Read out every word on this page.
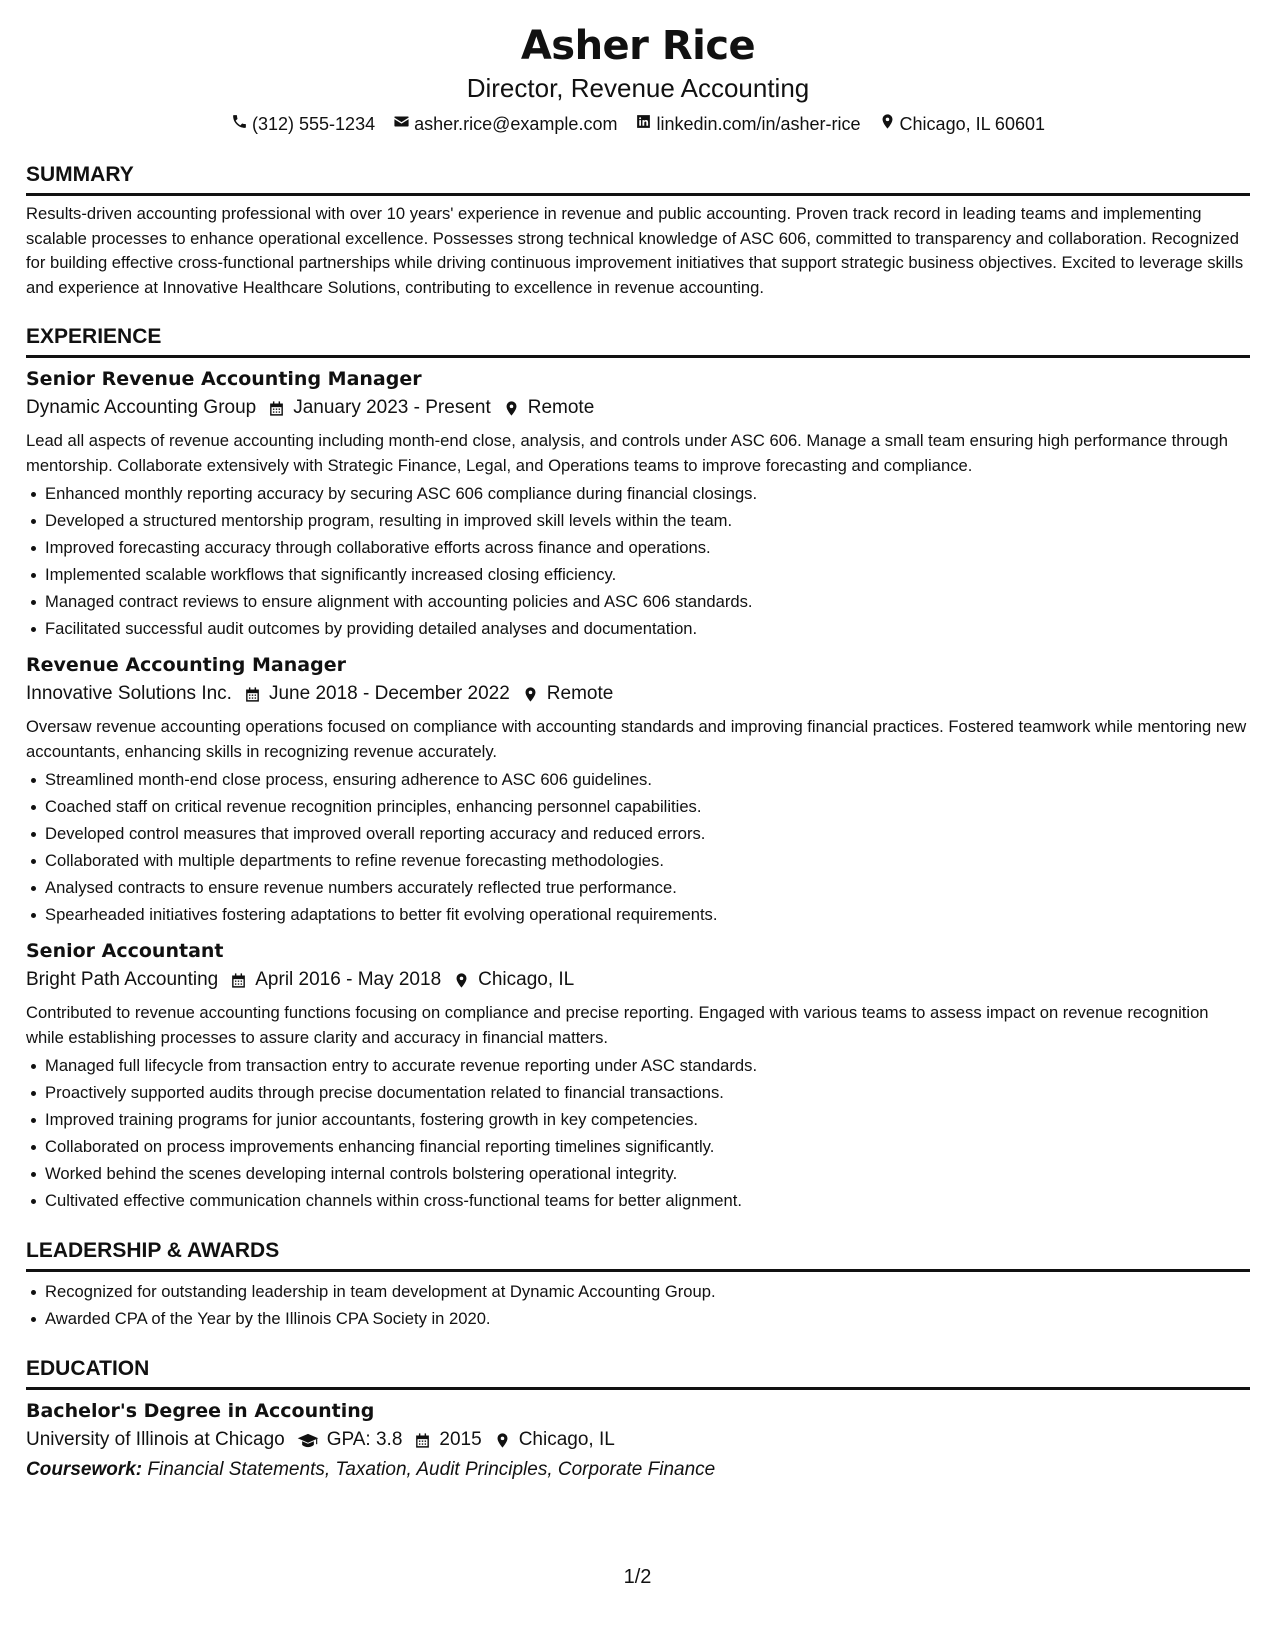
Asher Rice
Director, Revenue Accounting
(312) 555-1234 asher.rice@example.com linkedin.com/in/asher-rice Chicago, IL 60601
SUMMARY

Results-driven accounting professional with over 10 years' experience in revenue and public accounting. Proven track record in leading teams and implementing scalable processes to enhance operational excellence. Possesses strong technical knowledge of ASC 606, committed to transparency and collaboration. Recognized for building effective cross-functional partnerships while driving continuous improvement initiatives that support strategic business objectives. Excited to leverage skills and experience at Innovative Healthcare Solutions, contributing to excellence in revenue accounting.

EXPERIENCE
Senior Revenue Accounting Manager
Dynamic Accounting Group January 2023 - Present Remote

Lead all aspects of revenue accounting including month-end close, analysis, and controls under ASC 606. Manage a small team ensuring high performance through mentorship. Collaborate extensively with Strategic Finance, Legal, and Operations teams to improve forecasting and compliance.

Enhanced monthly reporting accuracy by securing ASC 606 compliance during financial closings.
Developed a structured mentorship program, resulting in improved skill levels within the team.
Improved forecasting accuracy through collaborative efforts across finance and operations.
Implemented scalable workflows that significantly increased closing efficiency.
Managed contract reviews to ensure alignment with accounting policies and ASC 606 standards.
Facilitated successful audit outcomes by providing detailed analyses and documentation.
Revenue Accounting Manager
Innovative Solutions Inc. June 2018 - December 2022 Remote

Oversaw revenue accounting operations focused on compliance with accounting standards and improving financial practices. Fostered teamwork while mentoring new accountants, enhancing skills in recognizing revenue accurately.

Streamlined month-end close process, ensuring adherence to ASC 606 guidelines.
Coached staff on critical revenue recognition principles, enhancing personnel capabilities.
Developed control measures that improved overall reporting accuracy and reduced errors.
Collaborated with multiple departments to refine revenue forecasting methodologies.
Analysed contracts to ensure revenue numbers accurately reflected true performance.
Spearheaded initiatives fostering adaptations to better fit evolving operational requirements.
Senior Accountant
Bright Path Accounting April 2016 - May 2018 Chicago, IL

Contributed to revenue accounting functions focusing on compliance and precise reporting. Engaged with various teams to assess impact on revenue recognition while establishing processes to assure clarity and accuracy in financial matters.

Managed full lifecycle from transaction entry to accurate revenue reporting under ASC standards.
Proactively supported audits through precise documentation related to financial transactions.
Improved training programs for junior accountants, fostering growth in key competencies.
Collaborated on process improvements enhancing financial reporting timelines significantly.
Worked behind the scenes developing internal controls bolstering operational integrity.
Cultivated effective communication channels within cross-functional teams for better alignment.
LEADERSHIP & AWARDS
Recognized for outstanding leadership in team development at Dynamic Accounting Group.
Awarded CPA of the Year by the Illinois CPA Society in 2020.
EDUCATION
Bachelor's Degree in Accounting
University of Illinois at Chicago GPA: 3.8 2015 Chicago, IL
Coursework: Financial Statements, Taxation, Audit Principles, Corporate Finance
1/2
